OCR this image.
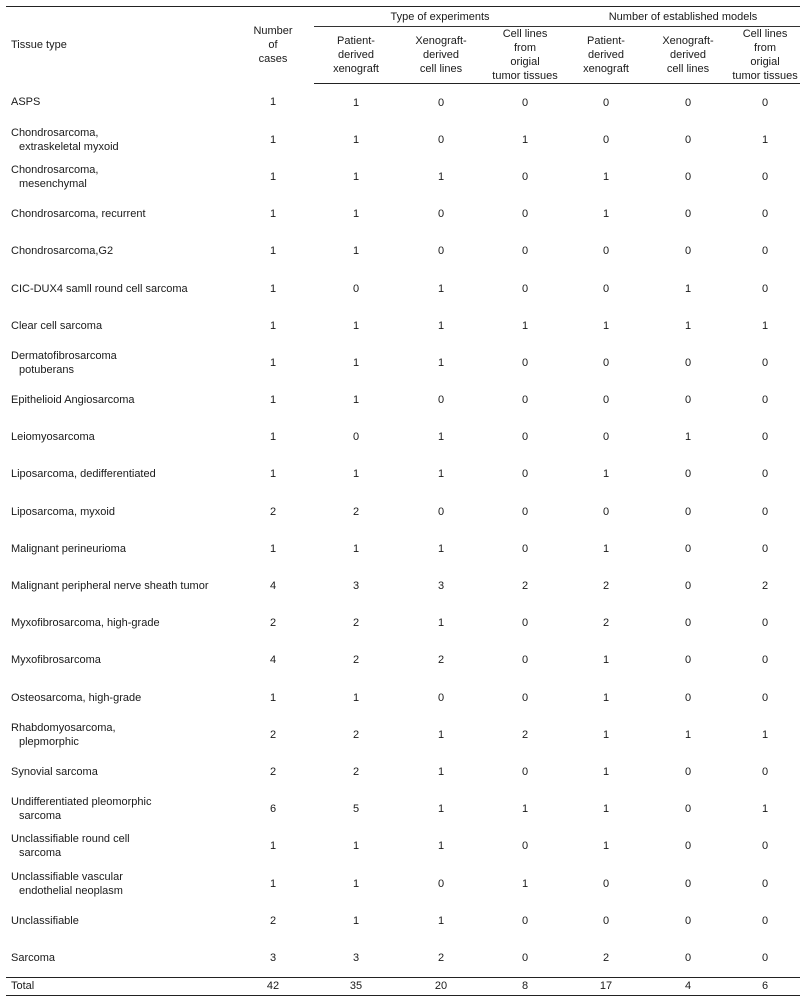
Tissue type	Number
of
cases	Type of experiments			Number of established models		

		Patient-
derived
xenograft	Xenograft-
derived
cell lines	Cell lines
from
origial
tumor tissues	Patient-
derived
xenograft	Xenograft-
derived
cell lines	Cell lines
from
origial
tumor tissues

ASPS	1	1	0	0	0	0	0

Chondrosarcoma,
extraskeletal myxoid	1	1	0	1	0	0	1

Chondrosarcoma,
mesenchymal	1	1	1	0	1	0	0

Chondrosarcoma, recurrent	1	1	0	0	1	0	0

Chondrosarcoma,G2	1	1	0	0	0	0	0

CIC-DUX4 samll round cell sarcoma	1	0	1	0	0	1	0

Clear cell sarcoma	1	1	1	1	1	1	1

Dermatofibrosarcoma
potuberans	1	1	1	0	0	0	0

Epithelioid Angiosarcoma	1	1	0	0	0	0	0

Leiomyosarcoma	1	0	1	0	0	1	0

Liposarcoma, dedifferentiated	1	1	1	0	1	0	0

Liposarcoma, myxoid	2	2	0	0	0	0	0

Malignant perineurioma	1	1	1	0	1	0	0

Malignant peripheral nerve sheath tumor	4	3	3	2	2	0	2

Myxofibrosarcoma, high-grade	2	2	1	0	2	0	0

Myxofibrosarcoma	4	2	2	0	1	0	0

Osteosarcoma, high-grade	1	1	0	0	1	0	0

Rhabdomyosarcoma,
plepmorphic	2	2	1	2	1	1	1

Synovial sarcoma	2	2	1	0	1	0	0

Undifferentiated pleomorphic
sarcoma	6	5	1	1	1	0	1

Unclassifiable round cell
sarcoma	1	1	1	0	1	0	0

Unclassifiable vascular
endothelial neoplasm	1	1	0	1	0	0	0

Unclassifiable	2	1	1	0	0	0	0

Sarcoma	3	3	2	0	2	0	0
Total	42	35	20	8	17	4	6
